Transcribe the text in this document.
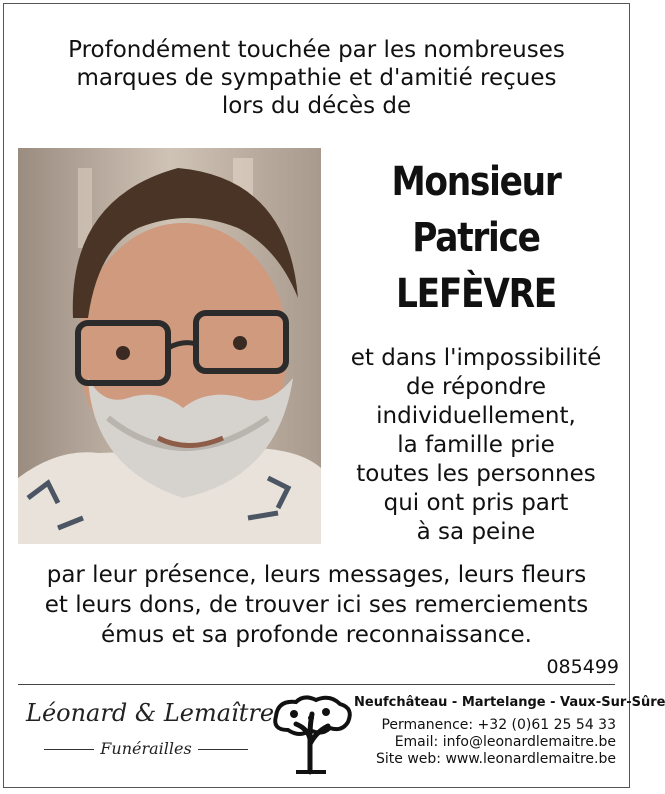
Profondément touchée par les nombreuses
marques de sympathie et d'amitié reçues
lors du décès de
Monsieur
Patrice
LEFÈVRE
et dans l'impossibilité
de répondre
individuellement,
la famille prie
toutes les personnes
qui ont pris part
à sa peine
par leur présence, leurs messages, leurs fleurs
et leurs dons, de trouver ici ses remerciements
émus et sa profonde reconnaissance.
085499
Léonard & Lemaître
Funérailles
Neufchâteau - Martelange - Vaux-Sur-Sûre
Permanence: +32 (0)61 25 54 33
Email: info@leonardlemaitre.be
Site web: www.leonardlemaitre.be
